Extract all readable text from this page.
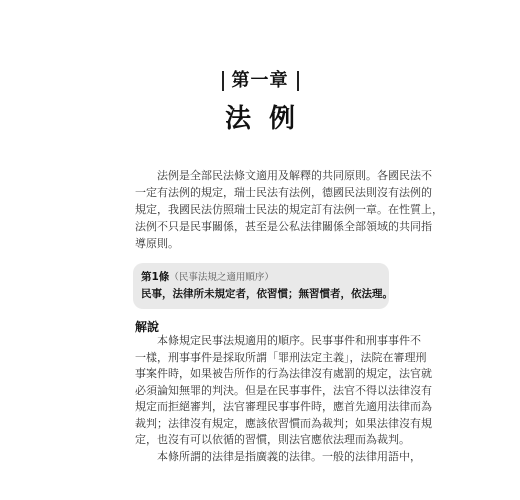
第一章
法例

法例是全部民法條文適用及解釋的共同原則。各國民法不
一定有法例的規定，瑞士民法有法例，德國民法則沒有法例的
規定，我國民法仿照瑞士民法的規定訂有法例一章。在性質上，
法例不只是民事關係，甚至是公私法律關係全部領域的共同指
導原則。

第1條（民事法規之適用順序）
民事，法律所未規定者，依習慣；無習慣者，依法理。
解說

本條規定民事法規適用的順序。民事事件和刑事事件不
一樣，刑事事件是採取所謂「罪刑法定主義」，法院在審理刑
事案件時，如果被告所作的行為法律沒有處罰的規定，法官就
必須論知無罪的判決。但是在民事事件，法官不得以法律沒有
規定而拒絕審判，法官審理民事事件時，應首先適用法律而為
裁判；法律沒有規定，應該依習慣而為裁判；如果法律沒有規
定，也沒有可以依循的習慣，則法官應依法理而為裁判。
本條所謂的法律是指廣義的法律。一般的法律用語中，
